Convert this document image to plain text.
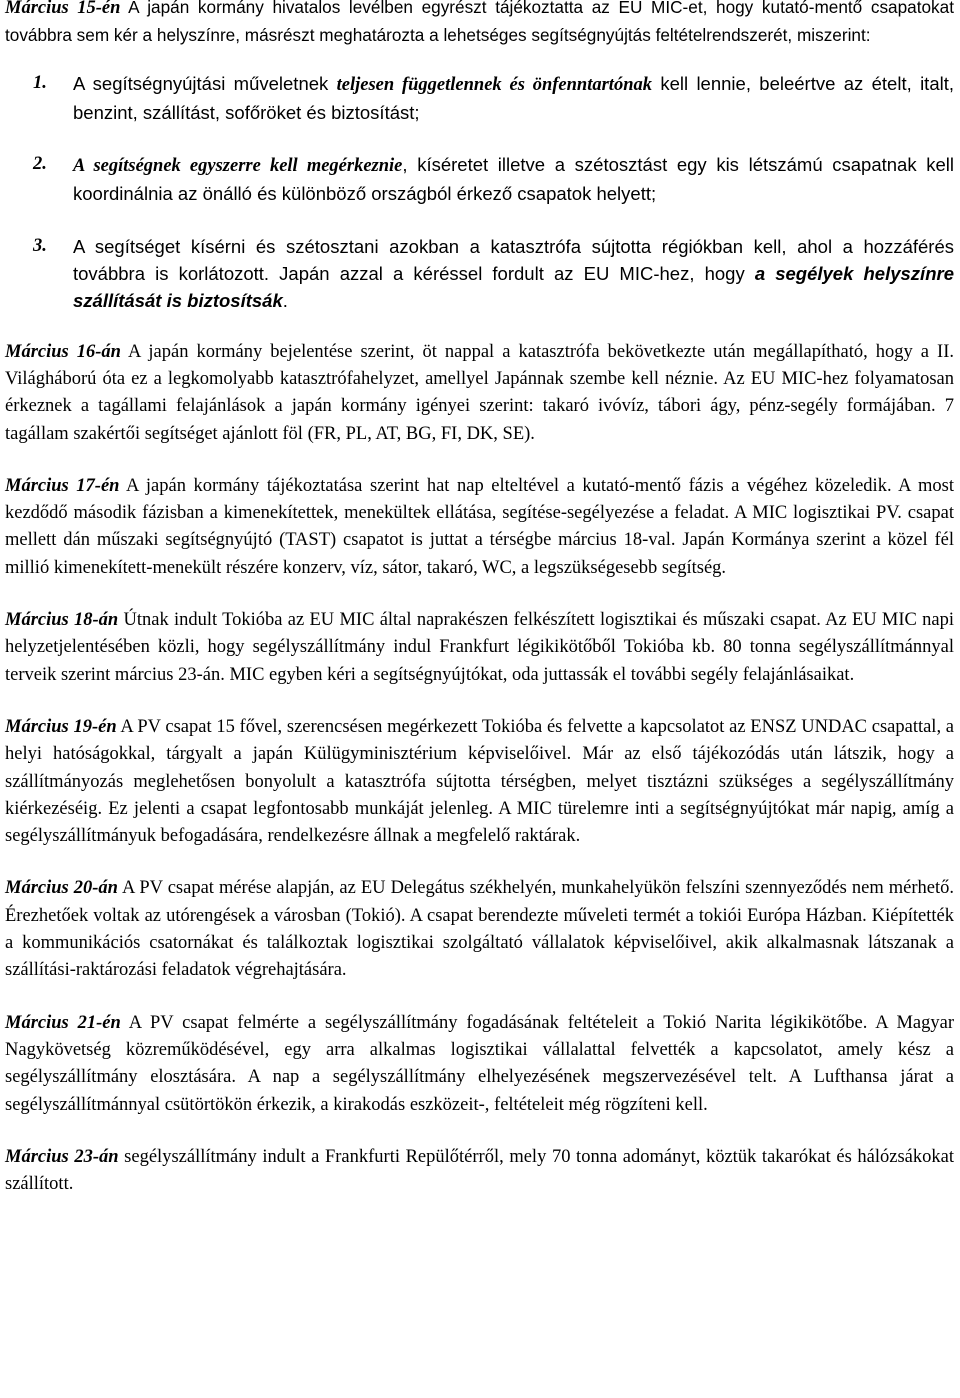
Március 15-én A japán kormány hivatalos levélben egyrészt tájékoztatta az EU MIC-et, hogy kutató-mentő csapatokat továbbra sem kér a helyszínre, másrészt meghatározta a lehetséges segítségnyújtás feltételrendszerét, miszerint:

1.	A segítségnyújtási műveletnek teljesen függetlennek és önfenntartónak kell lennie, beleértve az ételt, italt, benzint, szállítást, sofőröket és biztosítást;

2.	A segítségnek egyszerre kell megérkeznie, kíséretet illetve a szétosztást egy kis létszámú csapatnak kell koordinálnia az önálló és különböző országból érkező csapatok helyett;

3.	A segítséget kísérni és szétosztani azokban a katasztrófa sújtotta régiókban kell, ahol a hozzáférés továbbra is korlátozott. Japán azzal a kéréssel fordult az EU MIC-hez, hogy a segélyek helyszínre szállítását is biztosítsák.

Március 16-án A japán kormány bejelentése szerint, öt nappal a katasztrófa bekövetkezte után megállapítható, hogy a II. Világháború óta ez a legkomolyabb katasztrófahelyzet, amellyel Japánnak szembe kell néznie. Az EU MIC-hez folyamatosan érkeznek a tagállami felajánlások a japán kormány igényei szerint: takaró ivóvíz, tábori ágy, pénz-segély formájában. 7 tagállam szakértői segítséget ajánlott föl (FR, PL, AT, BG, FI, DK, SE).

Március 17-én A japán kormány tájékoztatása szerint hat nap elteltével a kutató-mentő fázis a végéhez közeledik. A most kezdődő második fázisban a kimenekítettek, menekültek ellátása, segítése-segélyezése a feladat. A MIC logisztikai PV. csapat mellett dán műszaki segítségnyújtó (TAST) csapatot is juttat a térségbe március 18-val. Japán Kormánya szerint a közel fél millió kimenekített-menekült részére konzerv, víz, sátor, takaró, WC, a legszükségesebb segítség.

Március 18-án Útnak indult Tokióba az EU MIC által naprakészen felkészített logisztikai és műszaki csapat. Az EU MIC napi helyzetjelentésében közli, hogy segélyszállítmány indul Frankfurt légikikötőből Tokióba kb. 80 tonna segélyszállítmánnyal terveik szerint március 23-án. MIC egyben kéri a segítségnyújtókat, oda juttassák el további segély felajánlásaikat.

Március 19-én A PV csapat 15 fővel, szerencsésen megérkezett Tokióba és felvette a kapcsolatot az ENSZ UNDAC csapattal, a helyi hatóságokkal, tárgyalt a japán Külügyminisztérium képviselőivel. Már az első tájékozódás után látszik, hogy a szállítmányozás meglehetősen bonyolult a katasztrófa sújtotta térségben, melyet tisztázni szükséges a segélyszállítmány kiérkezéséig. Ez jelenti a csapat legfontosabb munkáját jelenleg. A MIC türelemre inti a segítségnyújtókat már napig, amíg a segélyszállítmányuk befogadására, rendelkezésre állnak a megfelelő raktárak.

Március 20-án A PV csapat mérése alapján, az EU Delegátus székhelyén, munkahelyükön felszíni szennyeződés nem mérhető. Érezhetőek voltak az utórengések a városban (Tokió). A csapat berendezte műveleti termét a tokiói Európa Házban. Kiépítették a kommunikációs csatornákat és találkoztak logisztikai szolgáltató vállalatok képviselőivel, akik alkalmasnak látszanak a szállítási-raktározási feladatok végrehajtására.

Március 21-én A PV csapat felmérte a segélyszállítmány fogadásának feltételeit a Tokió Narita légikikötőbe. A Magyar Nagykövetség közreműködésével, egy arra alkalmas logisztikai vállalattal felvették a kapcsolatot, amely kész a segélyszállítmány elosztására. A nap a segélyszállítmány elhelyezésének megszervezésével telt. A Lufthansa járat a segélyszállítmánnyal csütörtökön érkezik, a kirakodás eszközeit-, feltételeit még rögzíteni kell.

Március 23-án segélyszállítmány indult a Frankfurti Repülőtérről, mely 70 tonna adományt, köztük takarókat és hálózsákokat szállított.
